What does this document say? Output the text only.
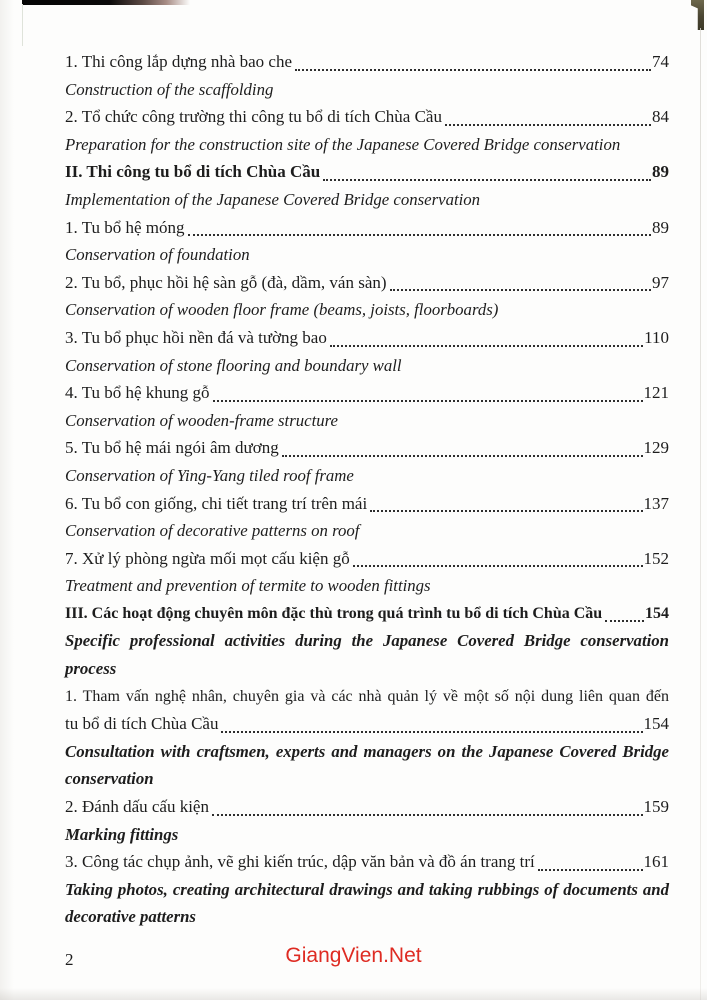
1. Thi công lắp dựng nhà bao che	74
Construction of the scaffolding
2. Tổ chức công trường thi công tu bổ di tích Chùa Cầu	84
Preparation for the construction site of the Japanese Covered Bridge conservation
II. Thi công tu bổ di tích Chùa Cầu	89
Implementation of the Japanese Covered Bridge conservation
1. Tu bổ hệ móng	89
Conservation of foundation
2. Tu bổ, phục hồi hệ sàn gỗ (đà, dầm, ván sàn)	97
Conservation of wooden floor frame (beams, joists, floorboards)
3. Tu bổ phục hồi nền đá và tường bao	110
Conservation of stone flooring and boundary wall
4. Tu bổ hệ khung gỗ	121
Conservation of wooden-frame structure
5. Tu bổ hệ mái ngói âm dương	129
Conservation of Ying-Yang tiled roof frame
6. Tu bổ con giống, chi tiết trang trí trên mái	137
Conservation of decorative patterns on roof
7. Xử lý phòng ngừa mối mọt cấu kiện gỗ	152
Treatment and prevention of termite to wooden fittings
III. Các hoạt động chuyên môn đặc thù trong quá trình tu bổ di tích Chùa Cầu	154
Specific professional activities during the Japanese Covered Bridge conservation process
1. Tham vấn nghệ nhân, chuyên gia và các nhà quản lý về một số nội dung liên quan đến
tu bổ di tích Chùa Cầu	154
Consultation with craftsmen, experts and managers on the Japanese Covered Bridge conservation
2. Đánh dấu cấu kiện	159
Marking fittings
3. Công tác chụp ảnh, vẽ ghi kiến trúc, dập văn bản và đồ án trang trí	161
Taking photos, creating architectural drawings and taking rubbings of documents and decorative patterns
2	GiangVien.Net
